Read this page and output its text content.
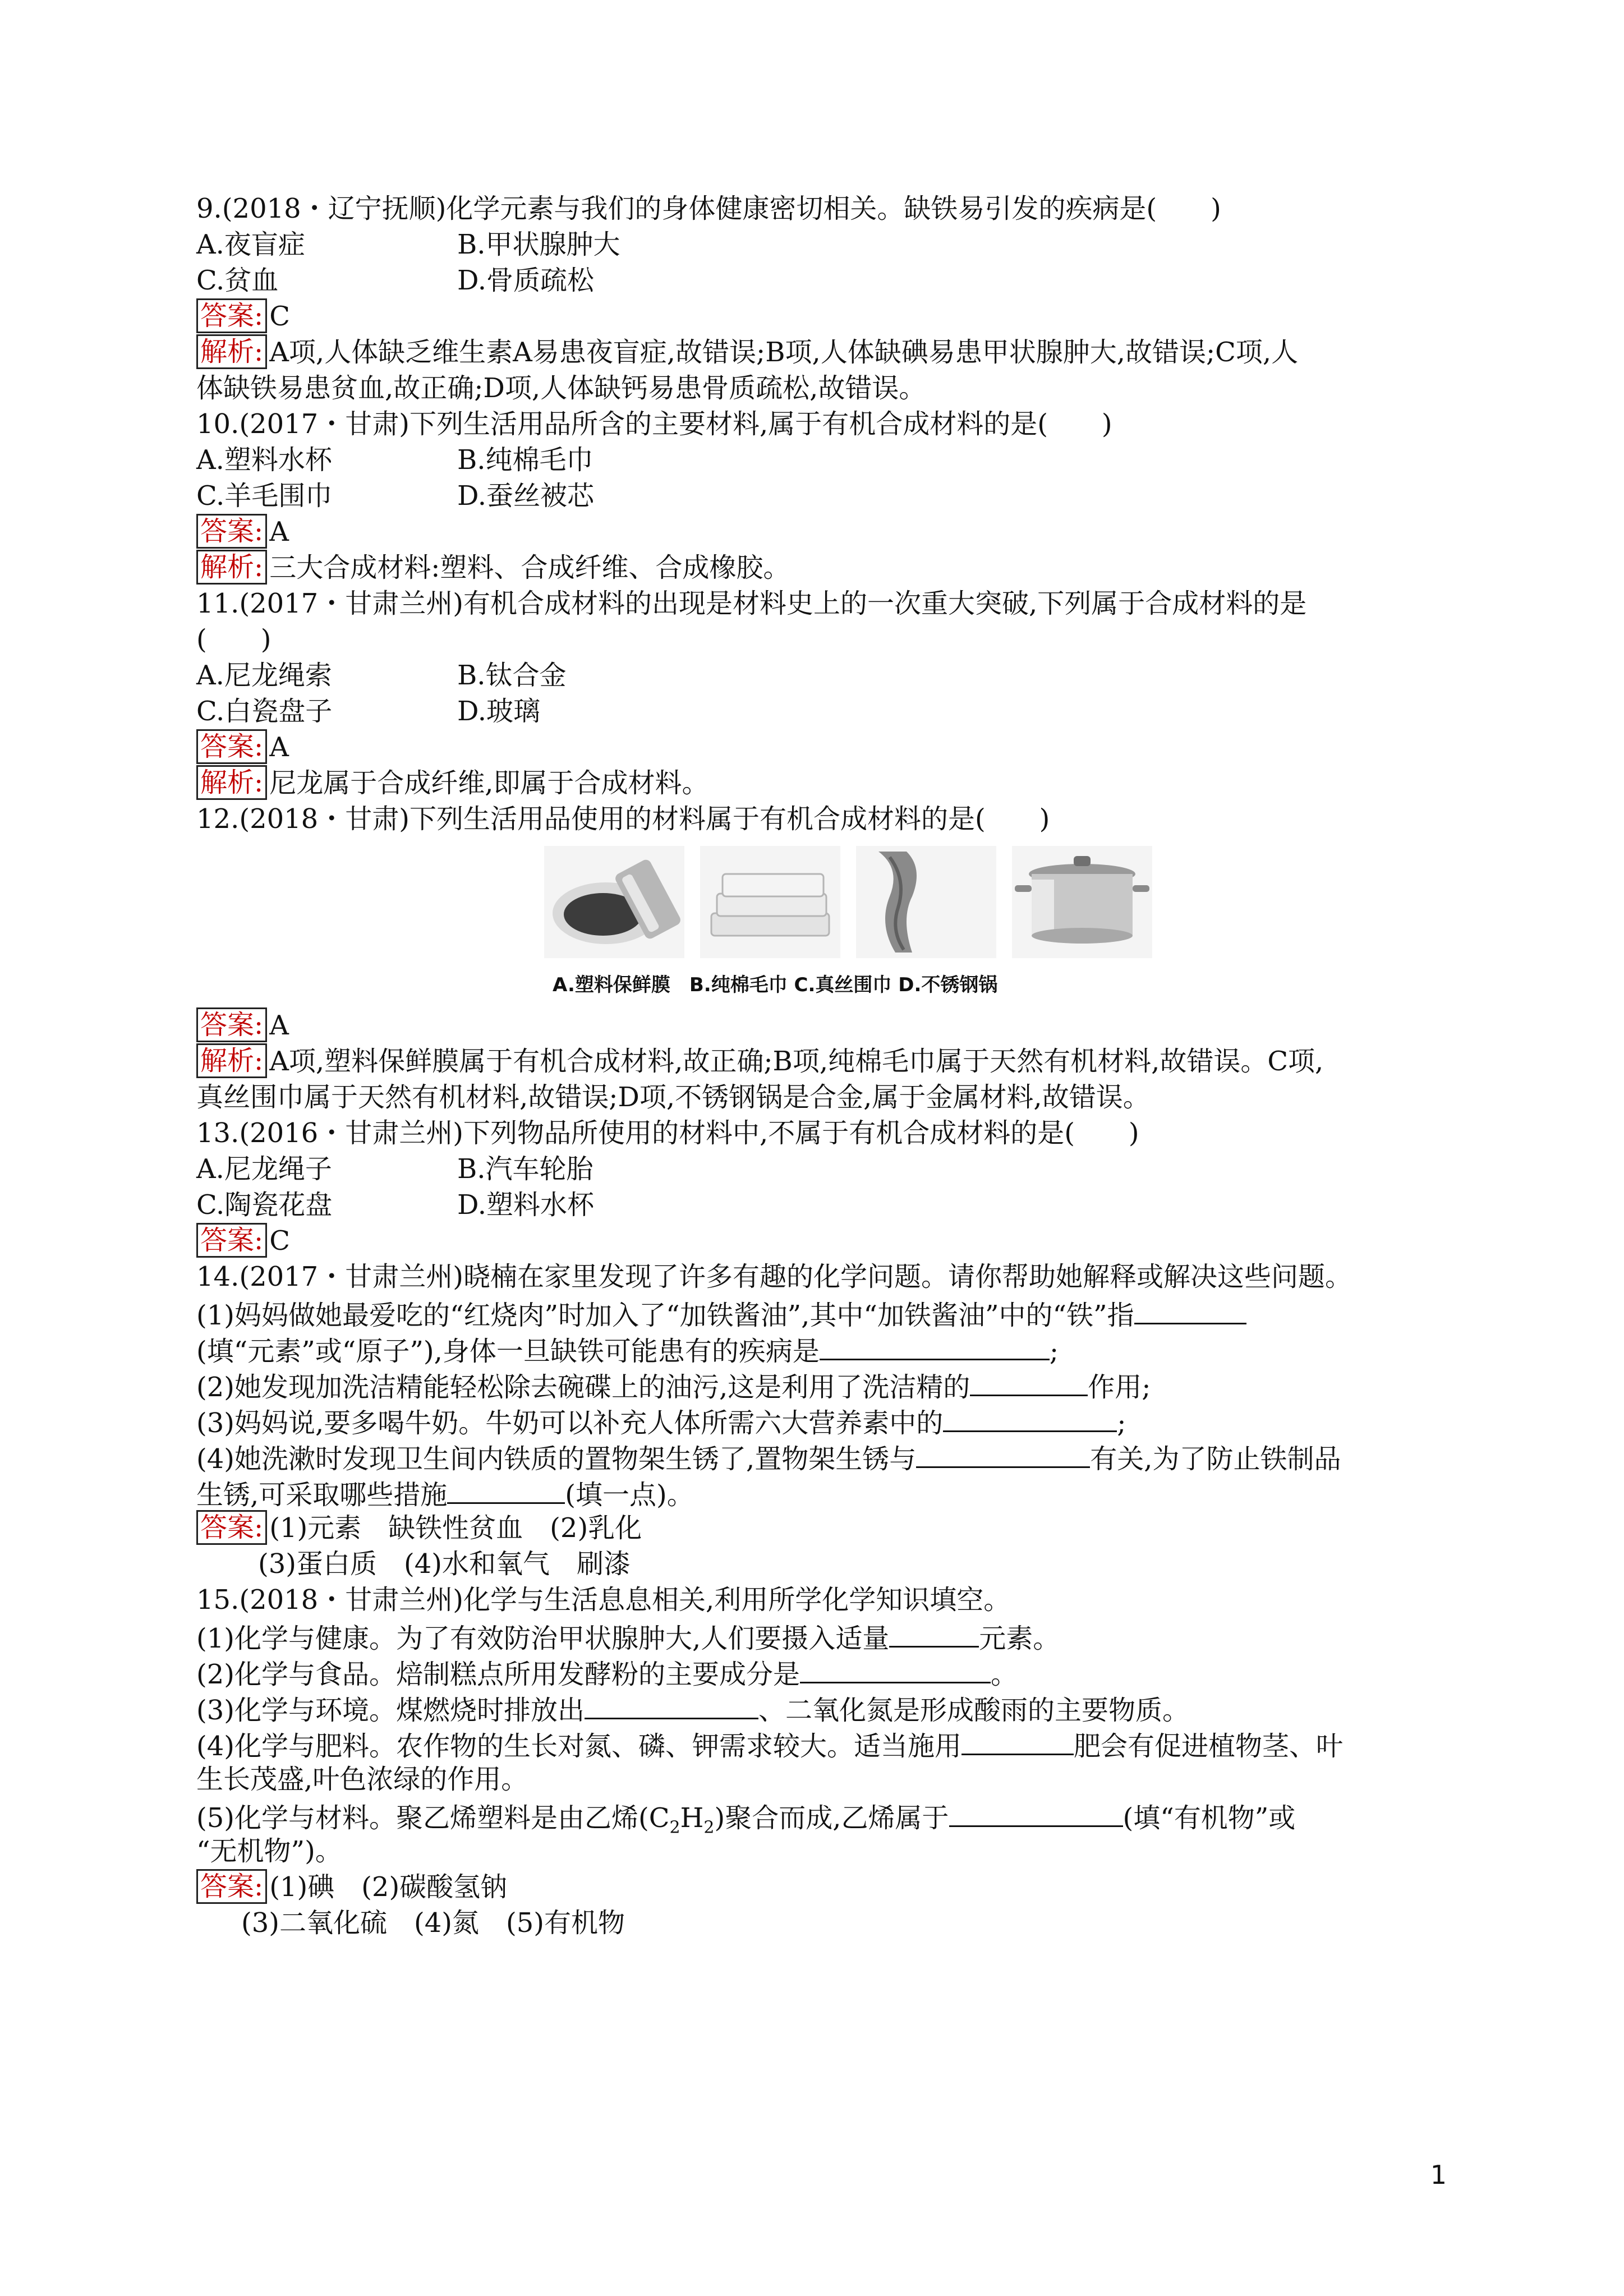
9.(2018・辽宁抚顺)化学元素与我们的身体健康密切相关。缺铁易引发的疾病是(　　)
A.夜盲症	B.甲状腺肿大
C.贫血	D.骨质疏松
答案: C
解析: A项,人体缺乏维生素A易患夜盲症,故错误;B项,人体缺碘易患甲状腺肿大,故错误;C项,人
体缺铁易患贫血,故正确;D项,人体缺钙易患骨质疏松,故错误。
10.(2017・甘肃)下列生活用品所含的主要材料,属于有机合成材料的是(　　)
A.塑料水杯	B.纯棉毛巾
C.羊毛围巾	D.蚕丝被芯
答案: A
解析: 三大合成材料:塑料、合成纤维、合成橡胶。
11.(2017・甘肃兰州)有机合成材料的出现是材料史上的一次重大突破,下列属于合成材料的是
(　　)
A.尼龙绳索	B.钛合金
C.白瓷盘子	D.玻璃
答案: A
解析: 尼龙属于合成纤维,即属于合成材料。
12.(2018・甘肃)下列生活用品使用的材料属于有机合成材料的是(　　)
A.塑料保鲜膜　B.纯棉毛巾 C.真丝围巾 D.不锈钢锅
答案: A
解析: A项,塑料保鲜膜属于有机合成材料,故正确;B项,纯棉毛巾属于天然有机材料,故错误。C项,
真丝围巾属于天然有机材料,故错误;D项,不锈钢锅是合金,属于金属材料,故错误。
13.(2016・甘肃兰州)下列物品所使用的材料中,不属于有机合成材料的是(　　)
A.尼龙绳子	B.汽车轮胎
C.陶瓷花盘	D.塑料水杯
答案: C
14.(2017・甘肃兰州)晓楠在家里发现了许多有趣的化学问题。请你帮助她解释或解决这些问题。
(1)妈妈做她最爱吃的“红烧肉”时加入了“加铁酱油”,其中“加铁酱油”中的“铁”指
(填“元素”或“原子”),身体一旦缺铁可能患有的疾病是	;
(2)她发现加洗洁精能轻松除去碗碟上的油污,这是利用了洗洁精的	作用;
(3)妈妈说,要多喝牛奶。牛奶可以补充人体所需六大营养素中的	;
(4)她洗漱时发现卫生间内铁质的置物架生锈了,置物架生锈与	有关,为了防止铁制品
生锈,可采取哪些措施	(填一点)。
答案: (1)元素　缺铁性贫血　(2)乳化
(3)蛋白质　(4)水和氧气　刷漆
15.(2018・甘肃兰州)化学与生活息息相关,利用所学化学知识填空。
(1)化学与健康。为了有效防治甲状腺肿大,人们要摄入适量	元素。
(2)化学与食品。焙制糕点所用发酵粉的主要成分是	。
(3)化学与环境。煤燃烧时排放出	、二氧化氮是形成酸雨的主要物质。
(4)化学与肥料。农作物的生长对氮、磷、钾需求较大。适当施用	肥会有促进植物茎、叶
生长茂盛,叶色浓绿的作用。
(5)化学与材料。聚乙烯塑料是由乙烯$(C_2H_2)$聚合而成,乙烯属于	(填“有机物”或
“无机物”)。
答案: (1)碘　(2)碳酸氢钠
(3)二氧化硫　(4)氮　(5)有机物
1
